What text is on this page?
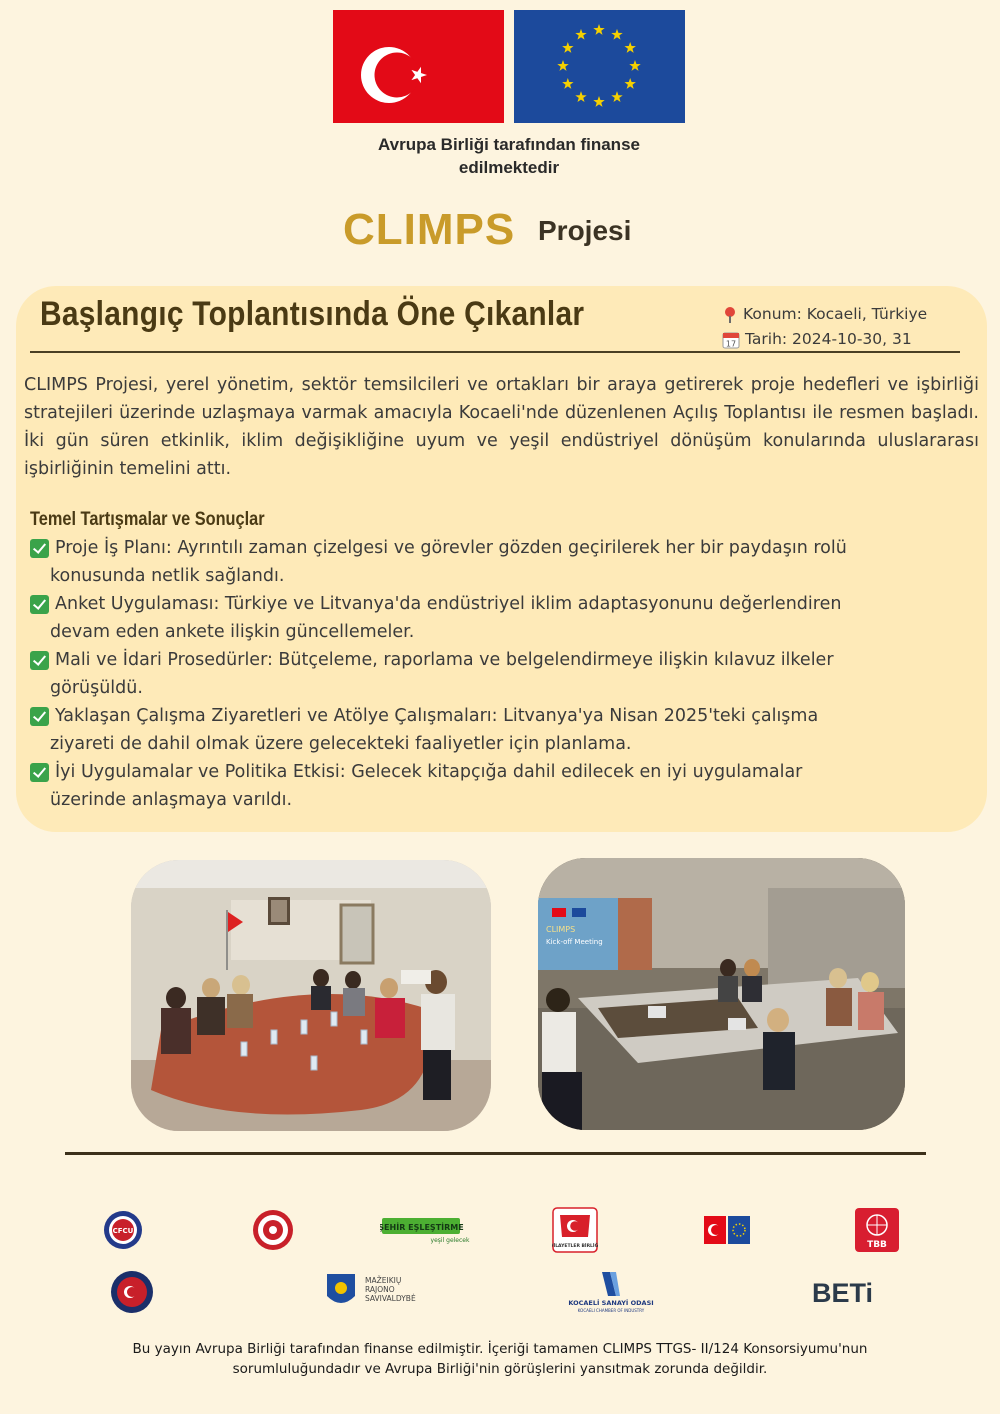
Avrupa Birliği tarafından finanse
edilmektedir
CLIMPS Projesi
Başlangıç Toplantısında Öne Çıkanlar	Konum: Kocaeli, Türkiye
17 Tarih: 2024-10-30, 31
CLIMPS Projesi, yerel yönetim, sektör temsilcileri ve ortakları bir araya getirerek proje hedefleri ve işbirliği stratejileri üzerinde uzlaşmaya varmak amacıyla Kocaeli'nde düzenlenen Açılış Toplantısı ile resmen başladı. İki gün süren etkinlik, iklim değişikliğine uyum ve yeşil endüstriyel dönüşüm konularında uluslararası işbirliğinin temelini attı.
Temel Tartışmalar ve Sonuçlar
Proje İş Planı: Ayrıntılı zaman çizelgesi ve görevler gözden geçirilerek her bir paydaşın rolü
konusunda netlik sağlandı.
Anket Uygulaması: Türkiye ve Litvanya'da endüstriyel iklim adaptasyonunu değerlendiren
devam eden ankete ilişkin güncellemeler.
Mali ve İdari Prosedürler: Bütçeleme, raporlama ve belgelendirmeye ilişkin kılavuz ilkeler
görüşüldü.
Yaklaşan Çalışma Ziyaretleri ve Atölye Çalışmaları: Litvanya'ya Nisan 2025'teki çalışma
ziyareti de dahil olmak üzere gelecekteki faaliyetler için planlama.
İyi Uygulamalar ve Politika Etkisi: Gelecek kitapçığa dahil edilecek en iyi uygulamalar
üzerinde anlaşmaya varıldı.
CLIMPS
Kick-off Meeting
CFCU	ŞEHİR EŞLEŞTİRME
yeşil gelecek
VİLAYETLER BİRLİĞİ	TBB
MAŽEIKIŲ
RAJONO
SAVIVALDYBĖ	KOCAELİ SANAYİ ODASI
KOCAELI CHAMBER OF INDUSTRY
BETi
Bu yayın Avrupa Birliği tarafından finanse edilmiştir. İçeriği tamamen CLIMPS TTGS- II/124 Konsorsiyumu'nun
sorumluluğundadır ve Avrupa Birliği'nin görüşlerini yansıtmak zorunda değildir.
